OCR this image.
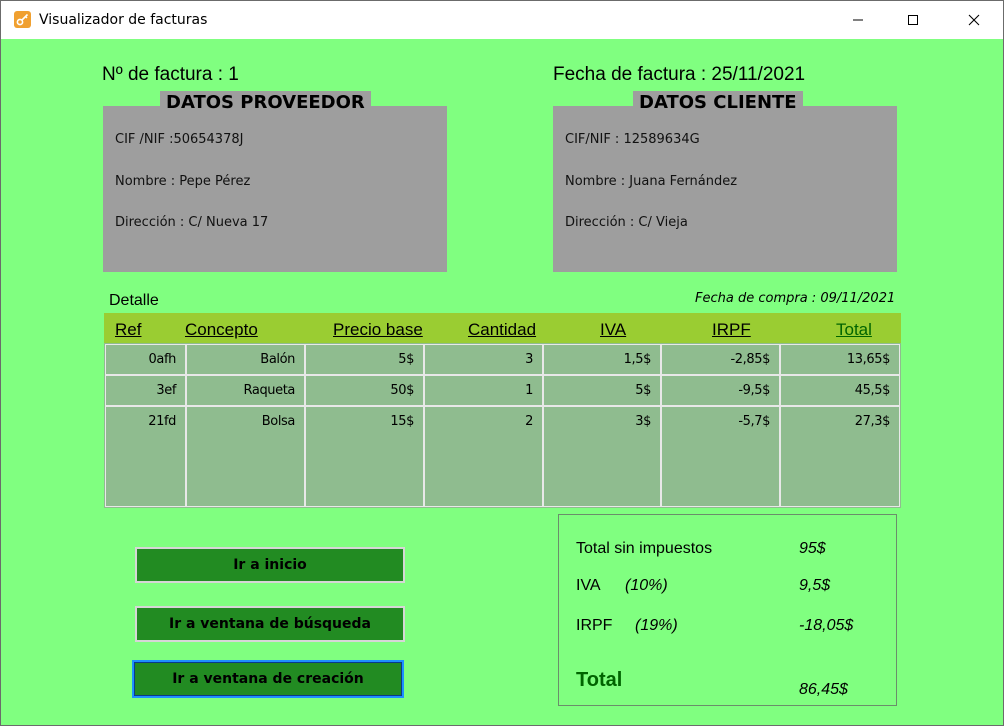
Visualizador de facturas
Nº de factura : 1	Fecha de factura : 25/11/2021
DATOS PROVEEDOR
CIF /NIF :50654378J
Nombre : Pepe Pérez
Dirección : C/ Nueva 17
DATOS CLIENTE
CIF/NIF : 12589634G
Nombre : Juana Fernández
Dirección : C/ Vieja
Detalle	Fecha de compra : 09/11/2021
Ref	Concepto	Precio base	Cantidad	IVA	IRPF	Total
0afh	Balón	5$	3	1,5$	-2,85$	13,65$
3ef	Raqueta	50$	1	5$	-9,5$	45,5$
21fd	Bolsa	15$	2	3$	-5,7$	27,3$
Ir a inicio
Ir a ventana de búsqueda
Ir a ventana de creación
Total sin impuestos	95$
IVA (10%)	9,5$
IRPF (19%)	-18,05$
Total	86,45$
